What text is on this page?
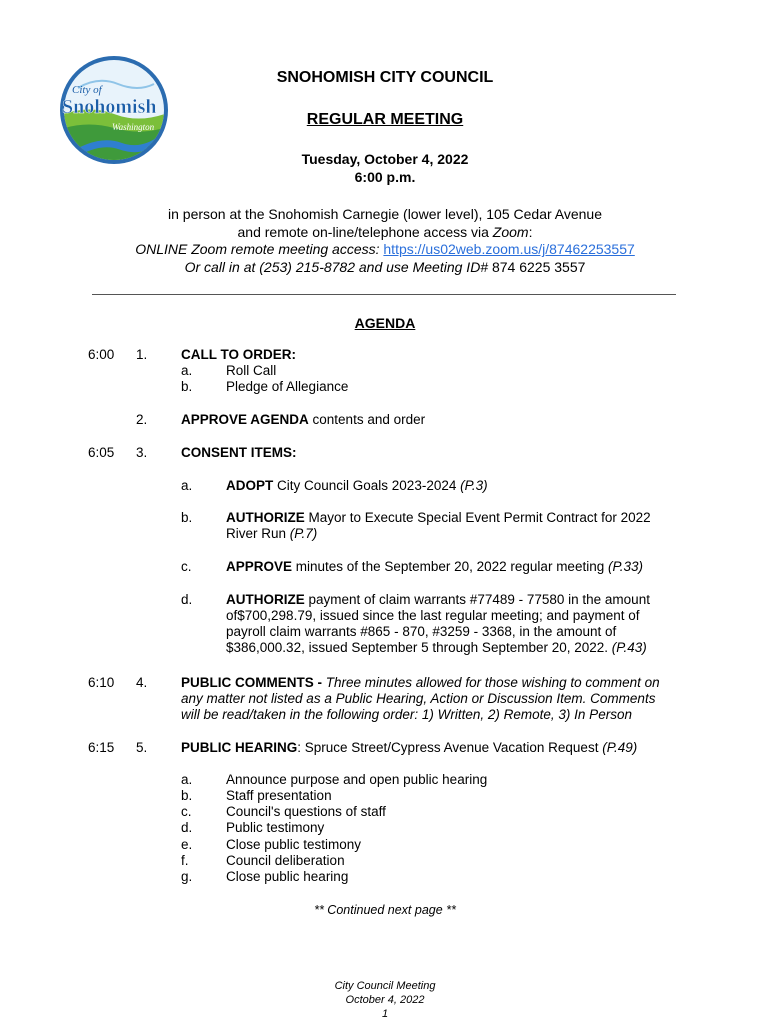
City of
Snohomish
Washington
SNOHOMISH CITY COUNCIL
REGULAR MEETING
Tuesday, October 4, 2022
6:00 p.m.
in person at the Snohomish Carnegie (lower level), 105 Cedar Avenue
and remote on-line/telephone access via Zoom:
ONLINE Zoom remote meeting access: https://us02web.zoom.us/j/87462253557
Or call in at (253) 215-8782 and use Meeting ID# 874 6225 3557
AGENDA
6:00 1. CALL TO ORDER:
a. Roll Call
b. Pledge of Allegiance
2. APPROVE AGENDA contents and order
6:05 3. CONSENT ITEMS:
a. ADOPT City Council Goals 2023-2024 (P.3)
b. AUTHORIZE Mayor to Execute Special Event Permit Contract for 2022
River Run (P.7)
c.	APPROVE minutes of the September 20, 2022 regular meeting (P.33)
d. AUTHORIZE payment of claim warrants #77489 - 77580 in the amount
of$700,298.79, issued since the last regular meeting; and payment of
payroll claim warrants #865 - 870, #3259 - 3368, in the amount of
$386,000.32, issued September 5 through September 20, 2022. (P.43)
6:10 4. PUBLIC COMMENTS - Three minutes allowed for those wishing to comment on
any matter not listed as a Public Hearing, Action or Discussion Item. Comments
will be read/taken in the following order: 1) Written, 2) Remote, 3) In Person
6:15 5. PUBLIC HEARING: Spruce Street/Cypress Avenue Vacation Request (P.49)
a. Announce purpose and open public hearing
b. Staff presentation
c.	Council's questions of staff
d. Public testimony
e. Close public testimony
f.	Council deliberation
g. Close public hearing
** Continued next page **
City Council Meeting
October 4, 2022
1
